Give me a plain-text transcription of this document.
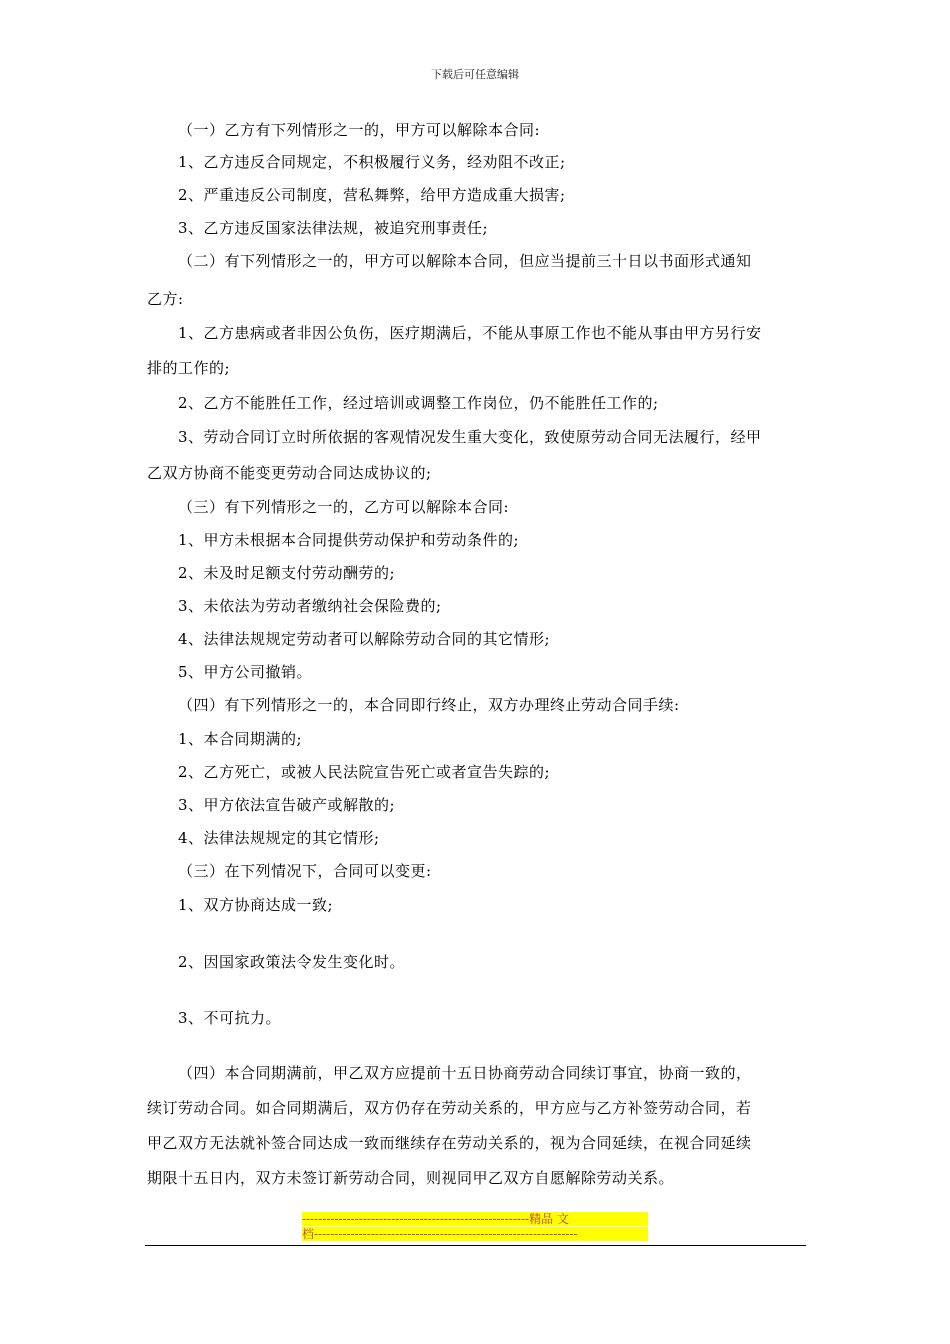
下载后可任意编辑
（一）乙方有下列情形之一的，甲方可以解除本合同:
1、乙方违反合同规定，不积极履行义务，经劝阻不改正;
2、严重违反公司制度，营私舞弊，给甲方造成重大损害;
3、乙方违反国家法律法规，被追究刑事责任;
（二）有下列情形之一的，甲方可以解除本合同，但应当提前三十日以书面形式通知
乙方:
1、乙方患病或者非因公负伤，医疗期满后，不能从事原工作也不能从事由甲方另行安
排的工作的;
2、乙方不能胜任工作，经过培训或调整工作岗位，仍不能胜任工作的;
3、劳动合同订立时所依据的客观情况发生重大变化，致使原劳动合同无法履行，经甲
乙双方协商不能变更劳动合同达成协议的;
（三）有下列情形之一的，乙方可以解除本合同:
1、甲方未根据本合同提供劳动保护和劳动条件的;
2、未及时足额支付劳动酬劳的;
3、未依法为劳动者缴纳社会保险费的;
4、法律法规规定劳动者可以解除劳动合同的其它情形;
5、甲方公司撤销。
（四）有下列情形之一的，本合同即行终止，双方办理终止劳动合同手续:
1、本合同期满的;
2、乙方死亡，或被人民法院宣告死亡或者宣告失踪的;
3、甲方依法宣告破产或解散的;
4、法律法规规定的其它情形;
（三）在下列情况下，合同可以变更:
1、双方协商达成一致;
2、因国家政策法令发生变化时。
3、不可抗力。
（四）本合同期满前，甲乙双方应提前十五日协商劳动合同续订事宜，协商一致的，
续订劳动合同。如合同期满后，双方仍存在劳动关系的，甲方应与乙方补签劳动合同，若
甲乙双方无法就补签合同达成一致而继续存在劳动关系的，视为合同延续，在视合同延续
期限十五日内，双方未签订新劳动合同，则视同甲乙双方自愿解除劳动关系。
--------------------------------------------------------精品 文
档-----------------------------------------------------------------
